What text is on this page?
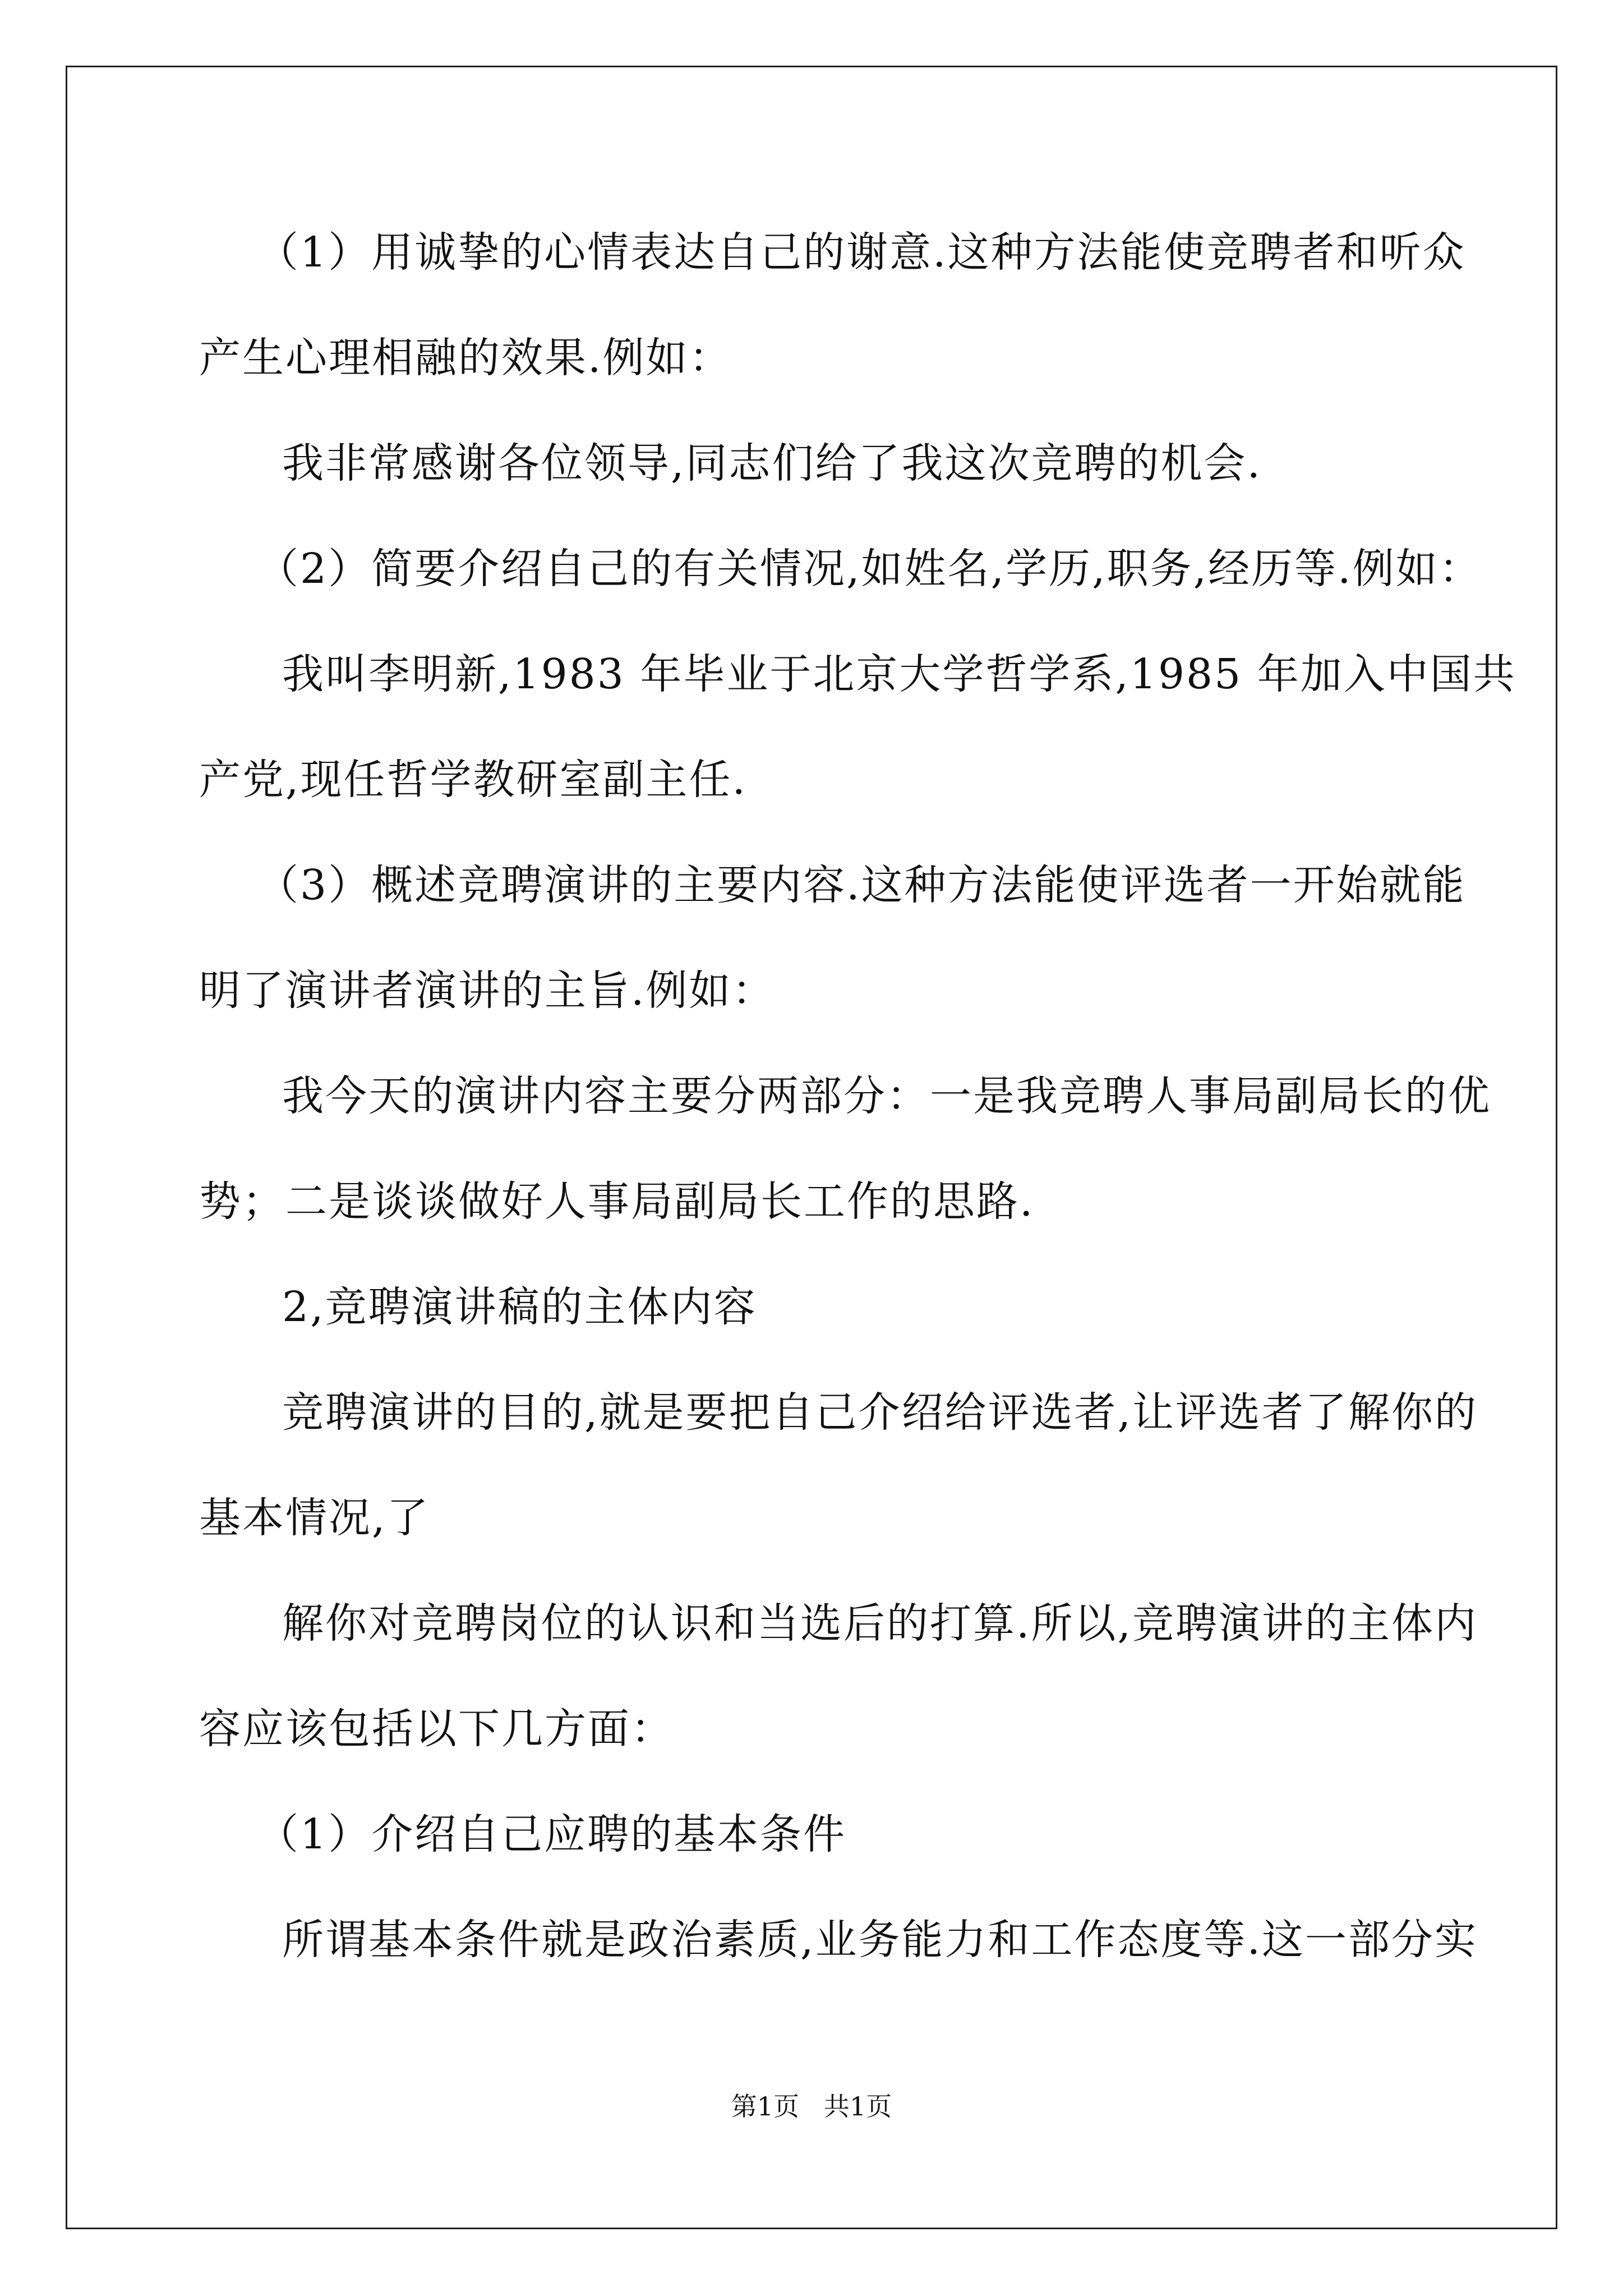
（1）用诚挚的心情表达自己的谢意.这种方法能使竞聘者和听众
产生心理相融的效果.例如：
我非常感谢各位领导,同志们给了我这次竞聘的机会.
（2）简要介绍自己的有关情况,如姓名,学历,职务,经历等.例如：
我叫李明新,1983 年毕业于北京大学哲学系,1985 年加入中国共
产党,现任哲学教研室副主任.
（3）概述竞聘演讲的主要内容.这种方法能使评选者一开始就能
明了演讲者演讲的主旨.例如：
我今天的演讲内容主要分两部分：一是我竞聘人事局副局长的优
势；二是谈谈做好人事局副局长工作的思路.
2,竞聘演讲稿的主体内容
竞聘演讲的目的,就是要把自己介绍给评选者,让评选者了解你的
基本情况,了
解你对竞聘岗位的认识和当选后的打算.所以,竞聘演讲的主体内
容应该包括以下几方面：
（1）介绍自己应聘的基本条件
所谓基本条件就是政治素质,业务能力和工作态度等.这一部分实
第1页   共1页
